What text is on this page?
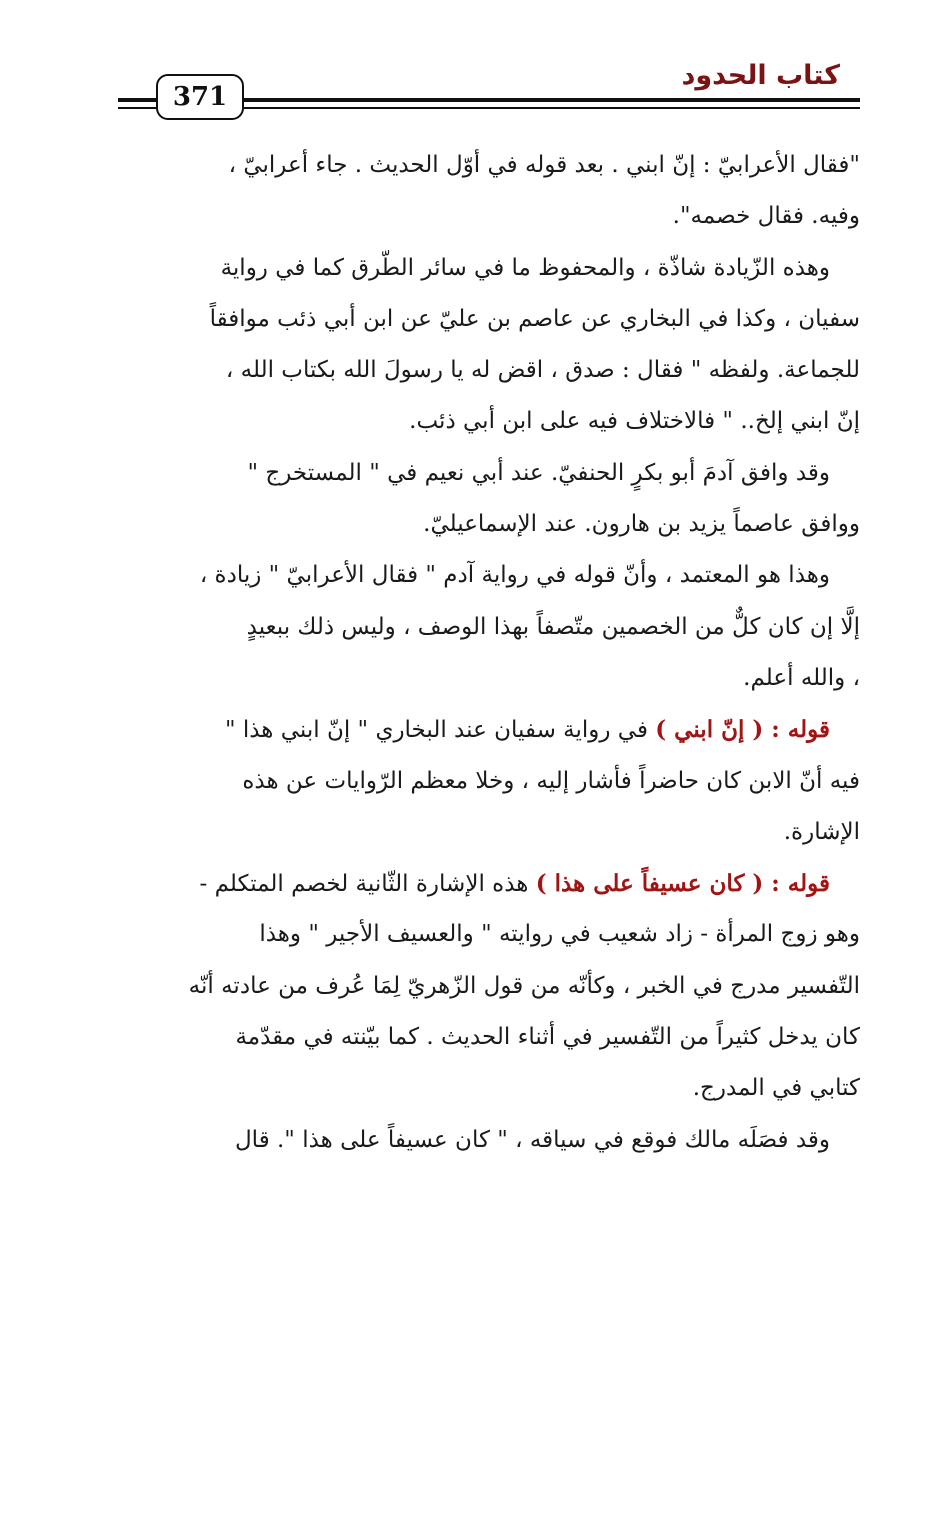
كتاب الحدود
371
"فقال الأعرابيّ : إنّ ابني . بعد قوله في أوّل الحديث . جاء أعرابيّ ،
وفيه. فقال خصمه".
وهذه الزّيادة شاذّة ، والمحفوظ ما في سائر الطّرق كما في رواية
سفيان ، وكذا في البخاري عن عاصم بن عليّ عن ابن أبي ذئب موافقاً
للجماعة. ولفظه " فقال : صدق ، اقض له يا رسولَ الله بكتاب الله ،
إنّ ابني إلخ.. " فالاختلاف فيه على ابن أبي ذئب.
وقد وافق آدمَ أبو بكرٍ الحنفيّ. عند أبي نعيم في " المستخرج "
ووافق عاصماً يزيد بن هارون. عند الإسماعيليّ.
وهذا هو المعتمد ، وأنّ قوله في رواية آدم " فقال الأعرابيّ " زيادة ،
إلَّا إن كان كلٌّ من الخصمين متّصفاً بهذا الوصف ، وليس ذلك ببعيدٍ
، والله أعلم.
قوله : ( إنّ ابني ) في رواية سفيان عند البخاري " إنّ ابني هذا "
فيه أنّ الابن كان حاضراً فأشار إليه ، وخلا معظم الرّوايات عن هذه
الإشارة.
قوله : ( كان عسيفاً على هذا ) هذه الإشارة الثّانية لخصم المتكلم -
وهو زوج المرأة - زاد شعيب في روايته " والعسيف الأجير " وهذا
التّفسير مدرج في الخبر ، وكأنّه من قول الزّهريّ لِمَا عُرف من عادته أنّه
كان يدخل كثيراً من التّفسير في أثناء الحديث . كما بيّنته في مقدّمة
كتابي في المدرج.
وقد فصَلَه مالك فوقع في سياقه ، " كان عسيفاً على هذا ". قال
